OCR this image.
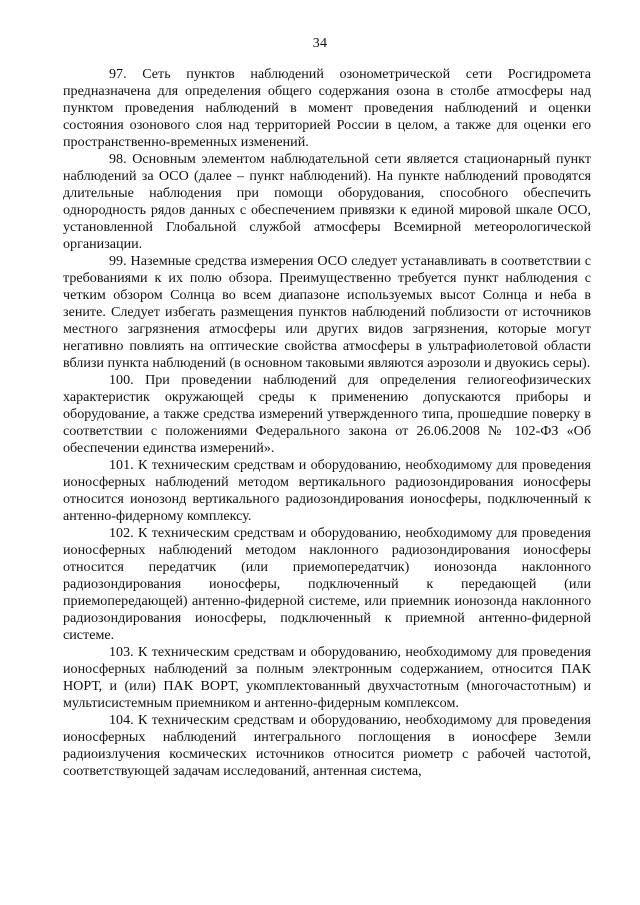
34

97. Сеть пунктов наблюдений озонометрической сети Росгидромета предназначена для определения общего содержания озона в столбе атмосферы над пунктом проведения наблюдений в момент проведения наблюдений и оценки состояния озонового слоя над территорией России в целом, а также для оценки его пространственно-временных изменений.

98. Основным элементом наблюдательной сети является стационарный пункт наблюдений за ОСО (далее – пункт наблюдений). На пункте наблюдений проводятся длительные наблюдения при помощи оборудования, способного обеспечить однородность рядов данных с обеспечением привязки к единой мировой шкале ОСО, установленной Глобальной службой атмосферы Всемирной метеорологической организации.

99. Наземные средства измерения ОСО следует устанавливать в соответствии с требованиями к их полю обзора. Преимущественно требуется пункт наблюдения с четким обзором Солнца во всем диапазоне используемых высот Солнца и неба в зените. Следует избегать размещения пунктов наблюдений поблизости от источников местного загрязнения атмосферы или других видов загрязнения, которые могут негативно повлиять на оптические свойства атмосферы в ультрафиолетовой области вблизи пункта наблюдений (в основном таковыми являются аэрозоли и двуокись серы).

100. При проведении наблюдений для определения гелиогеофизических характеристик окружающей среды к применению допускаются приборы и оборудование, а также средства измерений утвержденного типа, прошедшие поверку в соответствии с положениями Федерального закона от 26.06.2008 № 102-ФЗ «Об обеспечении единства измерений».

101. К техническим средствам и оборудованию, необходимому для проведения ионосферных наблюдений методом вертикального радиозондирования ионосферы относится ионозонд вертикального радиозондирования ионосферы, подключенный к антенно-фидерному комплексу.

102. К техническим средствам и оборудованию, необходимому для проведения ионосферных наблюдений методом наклонного радиозондирования ионосферы относится передатчик (или приемопередатчик) ионозонда наклонного радиозондирования ионосферы, подключенный к передающей (или приемопередающей) антенно-фидерной системе, или приемник ионозонда наклонного радиозондирования ионосферы, подключенный к приемной антенно-фидерной системе.

103. К техническим средствам и оборудованию, необходимому для проведения ионосферных наблюдений за полным электронным содержанием, относится ПАК НОРТ, и (или) ПАК ВОРТ, укомплектованный двухчастотным (многочастотным) и мультисистемным приемником и антенно-фидерным комплексом.

104. К техническим средствам и оборудованию, необходимому для проведения ионосферных наблюдений интегрального поглощения в ионосфере Земли радиоизлучения космических источников относится риометр с рабочей частотой, соответствующей задачам исследований, антенная система,
